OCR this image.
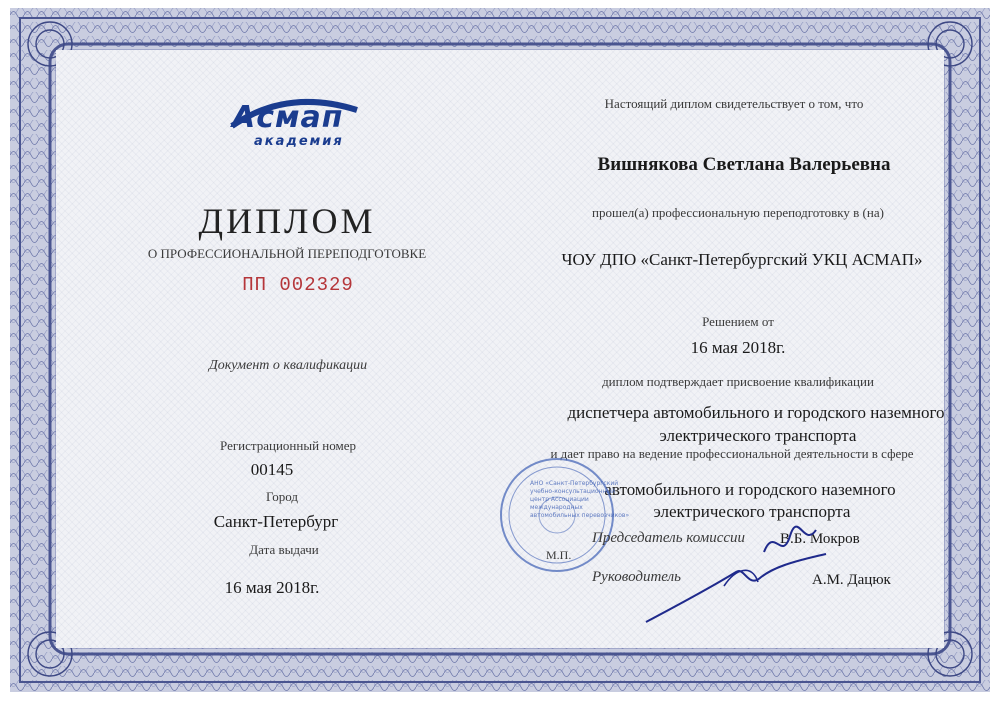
Асмап
академия
ДИПЛОМ
О ПРОФЕССИОНАЛЬНОЙ ПЕРЕПОДГОТОВКЕ
ПП 002329
Документ о квалификации
Регистрационный номер
00145
Город
Санкт-Петербург
Дата выдачи
16 мая 2018г.
Настоящий диплом свидетельствует о том, что
Вишнякова Светлана Валерьевна
прошел(а) профессиональную переподготовку в (на)
ЧОУ ДПО «Санкт-Петербургский УКЦ АСМАП»
Решением от
16 мая 2018г.
диплом подтверждает присвоение квалификации
диспетчера автомобильного и городского наземного
электрического транспорта
и дает право на ведение профессиональной деятельности в сфере
автомобильного и городского наземного
электрического транспорта
АНО «Санкт-Петербургский
учебно-консультационный
центр Ассоциации
международных
автомобильных перевозчиков»
Председатель комиссии В.Б. Мокров
М.П.
Руководитель	А.М. Дацюк
